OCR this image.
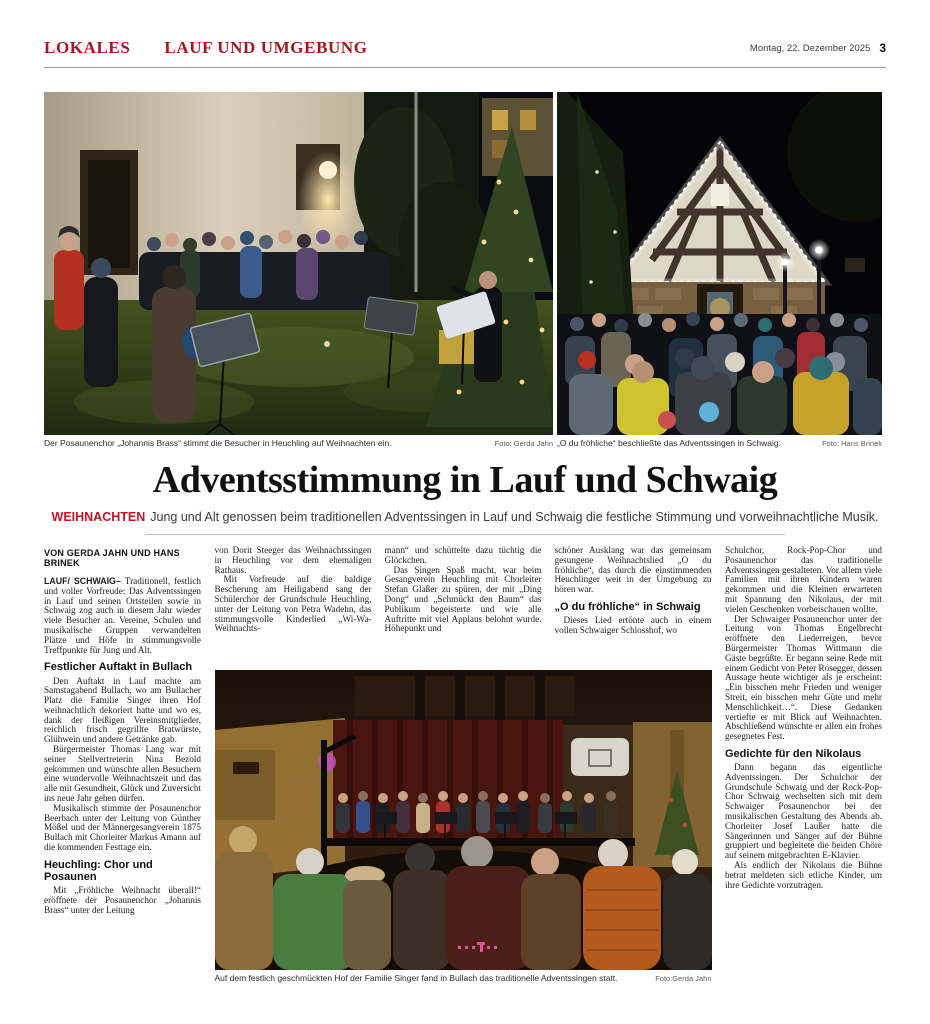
LOKALES LAUF UND UMGEBUNG	Montag, 22. Dezember 2025 3
Der Posaunenchor „Johannis Brass“ stimmt die Besucher in Heuchling auf Weihnachten ein.	Foto: Gerda Jahn „O du fröhliche“ beschließte das Adventssingen in Schwaig.	Foto: Hans Brinek
Adventsstimmung in Lauf und Schwaig
WEIHNACHTEN Jung und Alt genossen beim traditionellen Adventssingen in Lauf und Schwaig die festliche Stimmung und vorweihnachtliche Musik.
VON GERDA JAHN UND HANS BRINEK

LAUF/ SCHWAIG– Traditionell, festlich und voller Vorfreude: Das Adventssingen in Lauf und seinen Ortsteilen sowie in Schwaig zog auch in diesem Jahr wieder viele Besucher an. Vereine, Schulen und musikalische Gruppen verwandelten Plätze und Höfe in stimmungsvolle Treffpunkte für Jung und Alt.

Festlicher Auftakt in Bullach

Den Auftakt in Lauf machte am Samstagabend Bullach, wo am Bullacher Platz die Familie Singer ihren Hof weihnachtlich dekoriert hatte und wo es, dank der fleißigen Vereinsmitglieder, reichlich frisch gegrillte Bratwürste, Glühwein und andere Getränke gab.

Bürgermeister Thomas Lang war mit seiner Stellvertreterin Nina Bezold gekommen und wünschte allen Besuchern eine wundervolle Weihnachtszeit und das alle mit Gesundheit, Glück und Zuversicht ins neue Jahr gehen dürfen.

Musikalisch stimmte der Posaunenchor Beerbach unter der Leitung von Günther Mößel und der Männergesangverein 1875 Bullach mit Chorleiter Markus Amann auf die kommenden Festtage ein.

Heuchling: Chor und Posaunen

Mit „Fröhliche Weihnacht überall!“ eröffnete der Posaunenchor „Johannis Brass“ unter der Leitung

von Dorit Steeger das Weihnachtssingen in Heuchling vor dem ehemaligen Rathaus.

Mit Vorfreude auf die baldige Bescherung am Heiligabend sang der Schülerchor der Grundschule Heuchling, unter der Leitung von Petra Wadehn, das stimmungsvolle Kinderlied „Wi-Wa-Weihnachts-

mann“ und schüttelte dazu tüchtig die Glöckchen.

Das Singen Spaß macht, war beim Gesangverein Heuchling mit Chorleiter Stefan Glaßer zu spüren, der mit „Ding Dong“ und „Schmückt den Baum“ das Publikum begeisterte und wie alle Auftritte mit viel Applaus belohnt wurde. Höhepunkt und

schöner Ausklang war das gemeinsam gesungene Weihnachtslied „O du fröhliche“, das durch die einstimmenden Heuchlinger weit in der Umgebung zu hören war.

„O du fröhliche“ in Schwaig

Dieses Lied ertönte auch in einem vollen Schwaiger Schlosshof, wo

Auf dem festlich geschmückten Hof der Familie Singer fand in Bullach das traditionelle Adventssingen statt.	Foto:Gerda Jahn

Schulchor, Rock-Pop-Chor und Posaunenchor das traditionelle Adventssingen gestalteten. Vor allem viele Familien mit ihren Kindern waren gekommen und die Kleinen erwarteten mit Spannung den Nikolaus, der mit vielen Geschenken vorbeischauen wollte.

Der Schwaiger Posaunenchor unter der Leitung von Thomas Engelbrecht eröffnete den Liederreigen, bevor Bürgermeister Thomas Wittmann die Gäste begrüßte. Er begann seine Rede mit einem Gedicht von Peter Rosegger, dessen Aussage heute wichtiger als je erscheint: „Ein bisschen mehr Frieden und weniger Streit, ein bisschen mehr Güte und mehr Menschlichkeit…“. Diese Gedanken vertiefte er mit Blick auf Weihnachten. Abschließend wünschte er allen ein frohes gesegnetes Fest.

Gedichte für den Nikolaus

Dann begann das eigentliche Adventssingen. Der Schulchor der Grundschule Schwaig und der Rock-Pop-Chor Schwaig wechselten sich mit dem Schwaiger Posaunenchor bei der musikalischen Gestaltung des Abends ab. Chorleiter Josef Laußer hatte die Sängerinnen und Sänger auf der Bühne gruppiert und begleitete die beiden Chöre auf seinem mitgebrachten E-Klavier.

Als endlich der Nikolaus die Bühne betrat meldeten sich etliche Kinder, um ihre Gedichte vorzutragen.
